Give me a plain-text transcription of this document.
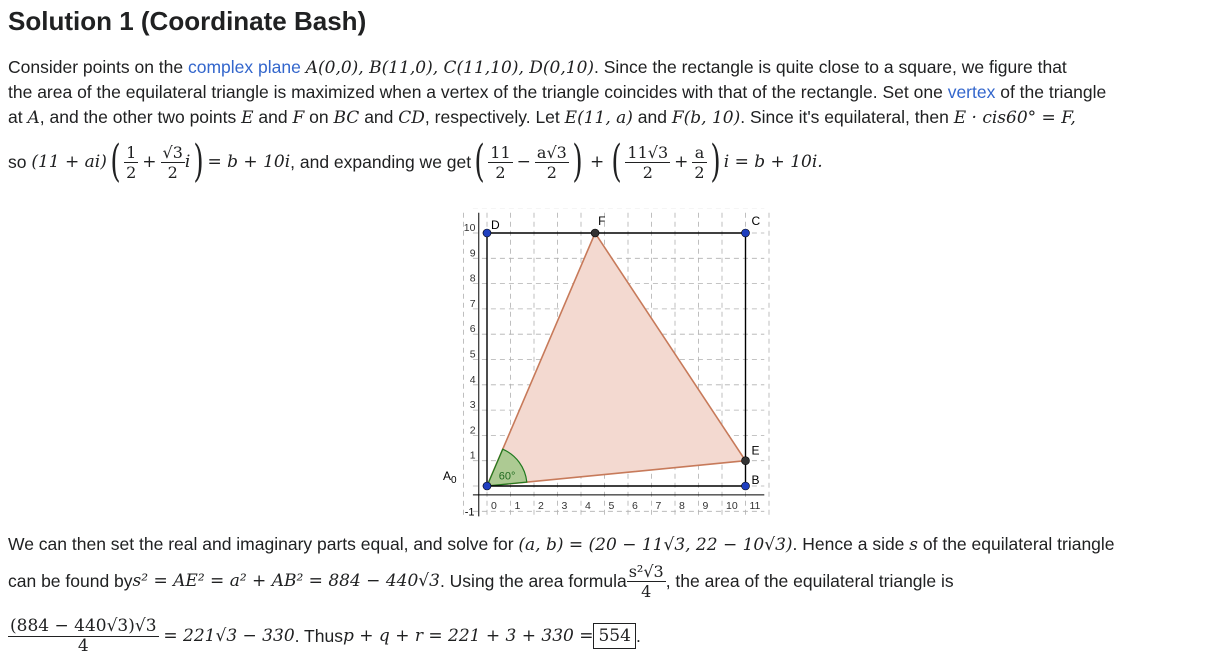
Solution 1 (Coordinate Bash)
Consider points on the complex plane A(0,0), B(11,0), C(11,10), D(0,10). Since the rectangle is quite close to a square, we figure that
the area of the equilateral triangle is maximized when a vertex of the triangle coincides with that of the rectangle. Set one vertex of the triangle
at A, and the other two points E and F on BC and CD, respectively. Let E(11, a) and F(b, 10). Since it's equilateral, then E · cis60° = F,
so
(11 + ai) ( $\frac{1}{2} + \frac{√3}{2}$ i ) = b + 10i , and expanding we get ( $\frac{11}{2} - \frac{a√3}{2}$ ) + ( $\frac{11√3}{2} + \frac{a}{2}$ ) i = b + 10i.
0 1 2 3 4 5 6 7 8 9 10 11
1
2
3
4
5
6
7
8
9
10 D	F	C
E
B
$A_0$	60°
-1
We can then set the real and imaginary parts equal, and solve for (a, b) = (20 − 11√3, 22 − 10√3). Hence a side s of the equilateral triangle
can be found by s² = AE² = a² + AB² = 884 − 440√3 . Using the area formula $\frac{\text{s²√3}}{4}$ , the area of the equilateral triangle is
$\frac{(884 - 440√3)√3}{4}$
= 221√3 − 330 . Thus p + q + r = 221 + 3 + 330 = 554 .
